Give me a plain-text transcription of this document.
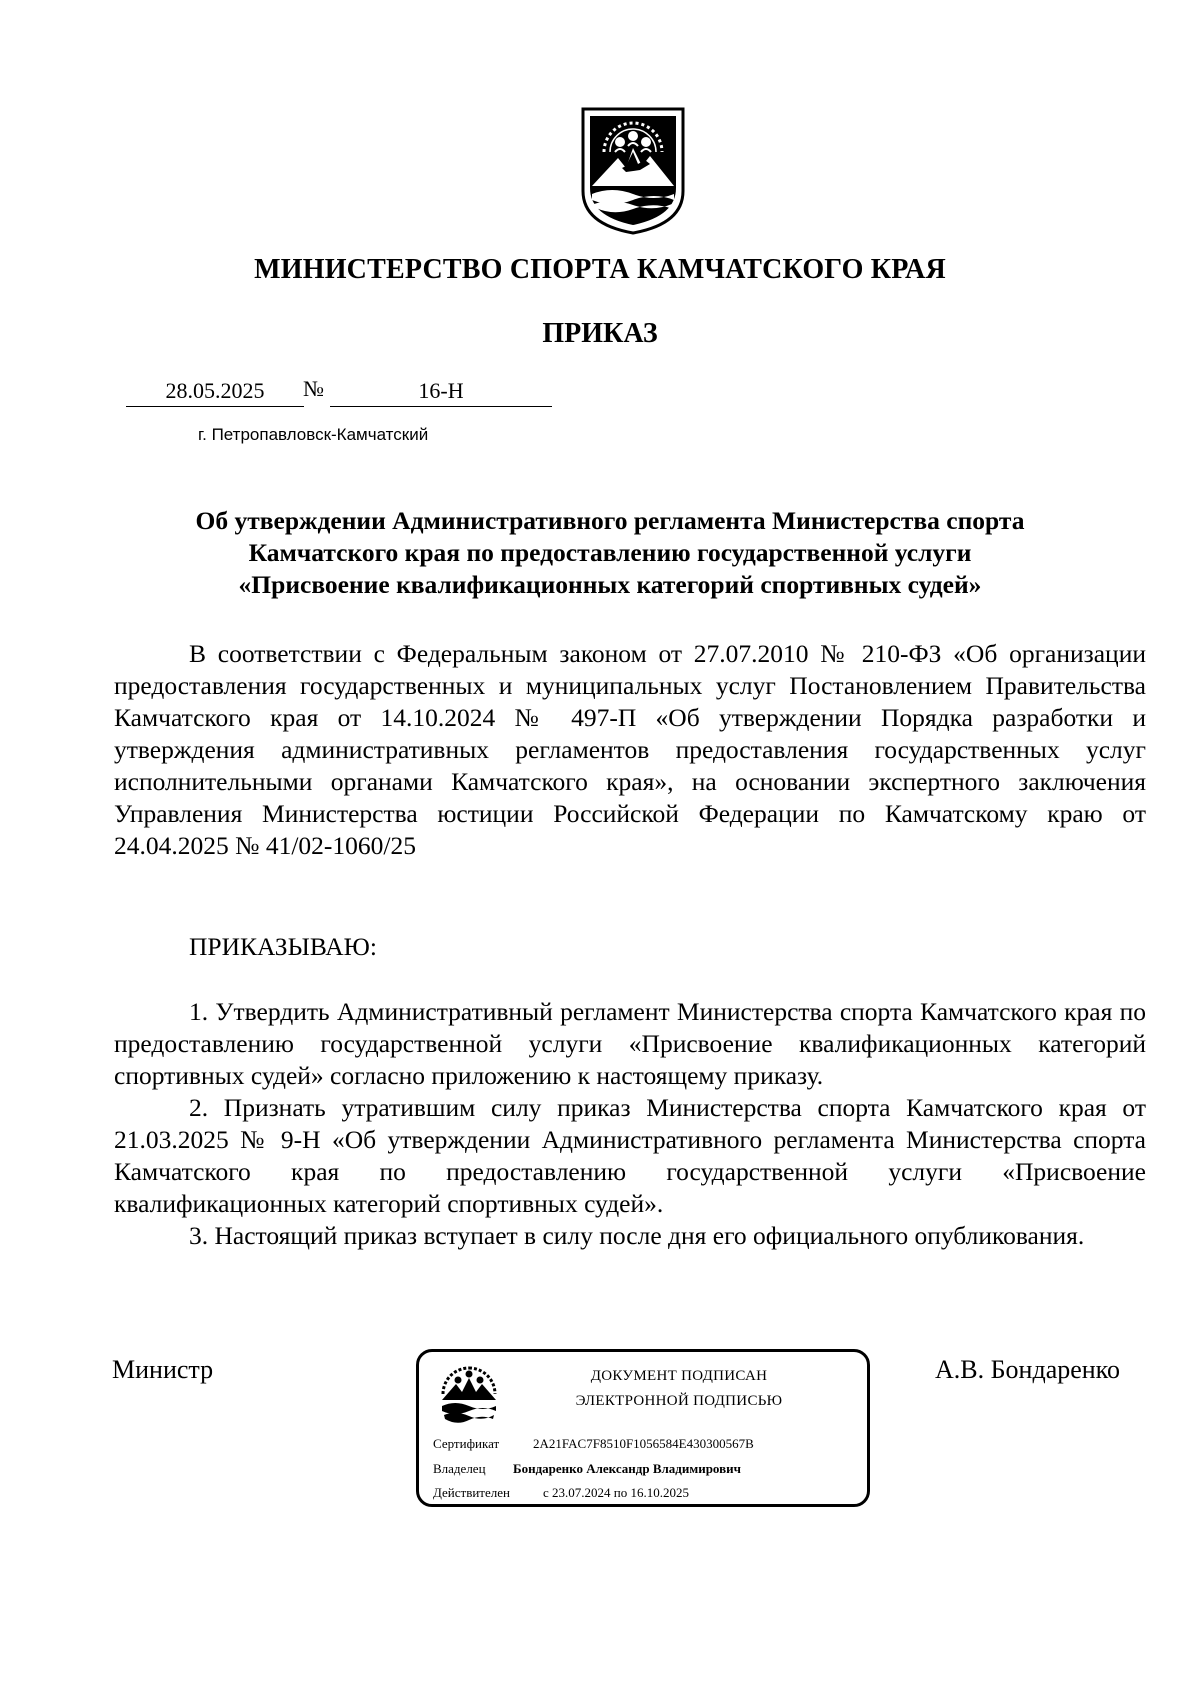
МИНИСТЕРСТВО СПОРТА КАМЧАТСКОГО КРАЯ
ПРИКАЗ
28.05.2025	№	16-Н
г. Петропавловск-Камчатский
Об утверждении Административного регламента Министерства спорта
Камчатского края по предоставлению государственной услуги
«Присвоение квалификационных категорий спортивных судей»
В соответствии с Федеральным законом от 27.07.2010 № 210-ФЗ «Об организации предоставления государственных и муниципальных услуг Постановлением Правительства Камчатского края от 14.10.2024 № 497-П «Об утверждении Порядка разработки и утверждения административных регламентов предоставления государственных услуг исполнительными органами Камчатского края», на основании экспертного заключения Управления Министерства юстиции Российской Федерации по Камчатскому краю от 24.04.2025 № 41/02-1060/25
ПРИКАЗЫВАЮ:

1. Утвердить Административный регламент Министерства спорта Камчатского края по предоставлению государственной услуги «Присвоение квалификационных категорий спортивных судей» согласно приложению к настоящему приказу.

2. Признать утратившим силу приказ Министерства спорта Камчатского края от 21.03.2025 № 9-Н «Об утверждении Административного регламента Министерства спорта Камчатского края по предоставлению государственной услуги «Присвоение квалификационных категорий спортивных судей».

3. Настоящий приказ вступает в силу после дня его официального опубликования.

Министр	А.В. Бондаренко
ДОКУМЕНТ ПОДПИСАН
ЭЛЕКТРОННОЙ ПОДПИСЬЮ
Сертификат	2A21FAC7F8510F1056584E430300567B
Владелец Бондаренко Александр Владимирович
Действителен	с 23.07.2024 по 16.10.2025
